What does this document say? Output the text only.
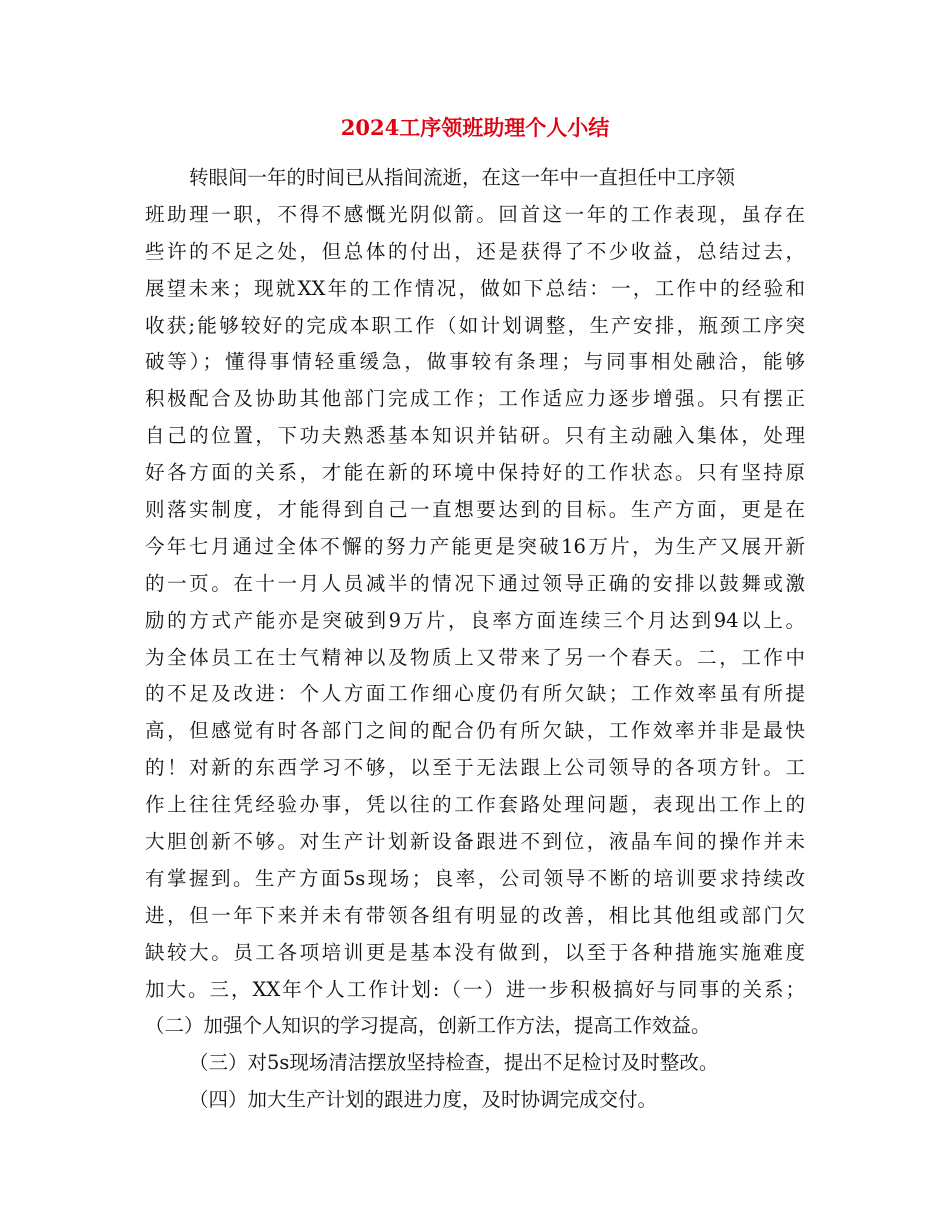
2024工序领班助理个人小结
转眼间一年的时间已从指间流逝，在这一年中一直担任中工序领
班助理一职，不得不感慨光阴似箭。回首这一年的工作表现，虽存在
些许的不足之处，但总体的付出，还是获得了不少收益，总结过去，
展望未来；现就XX年的工作情况，做如下总结：一，工作中的经验和
收获;能够较好的完成本职工作（如计划调整，生产安排，瓶颈工序突
破等）；懂得事情轻重缓急，做事较有条理；与同事相处融洽，能够
积极配合及协助其他部门完成工作；工作适应力逐步增强。只有摆正
自己的位置，下功夫熟悉基本知识并钻研。只有主动融入集体，处理
好各方面的关系，才能在新的环境中保持好的工作状态。只有坚持原
则落实制度，才能得到自己一直想要达到的目标。生产方面，更是在
今年七月通过全体不懈的努力产能更是突破16万片，为生产又展开新
的一页。在十一月人员减半的情况下通过领导正确的安排以鼓舞或激
励的方式产能亦是突破到9万片，良率方面连续三个月达到94以上。
为全体员工在士气精神以及物质上又带来了另一个春天。二，工作中
的不足及改进：个人方面工作细心度仍有所欠缺；工作效率虽有所提
高，但感觉有时各部门之间的配合仍有所欠缺，工作效率并非是最快
的！对新的东西学习不够，以至于无法跟上公司领导的各项方针。工
作上往往凭经验办事，凭以往的工作套路处理问题，表现出工作上的
大胆创新不够。对生产计划新设备跟进不到位，液晶车间的操作并未
有掌握到。生产方面5s现场；良率，公司领导不断的培训要求持续改
进，但一年下来并未有带领各组有明显的改善，相比其他组或部门欠
缺较大。员工各项培训更是基本没有做到，以至于各种措施实施难度
加大。三，XX年个人工作计划:（一）进一步积极搞好与同事的关系；
（二）加强个人知识的学习提高，创新工作方法，提高工作效益。
（三）对5s现场清洁摆放坚持检查，提出不足检讨及时整改。
（四）加大生产计划的跟进力度，及时协调完成交付。
